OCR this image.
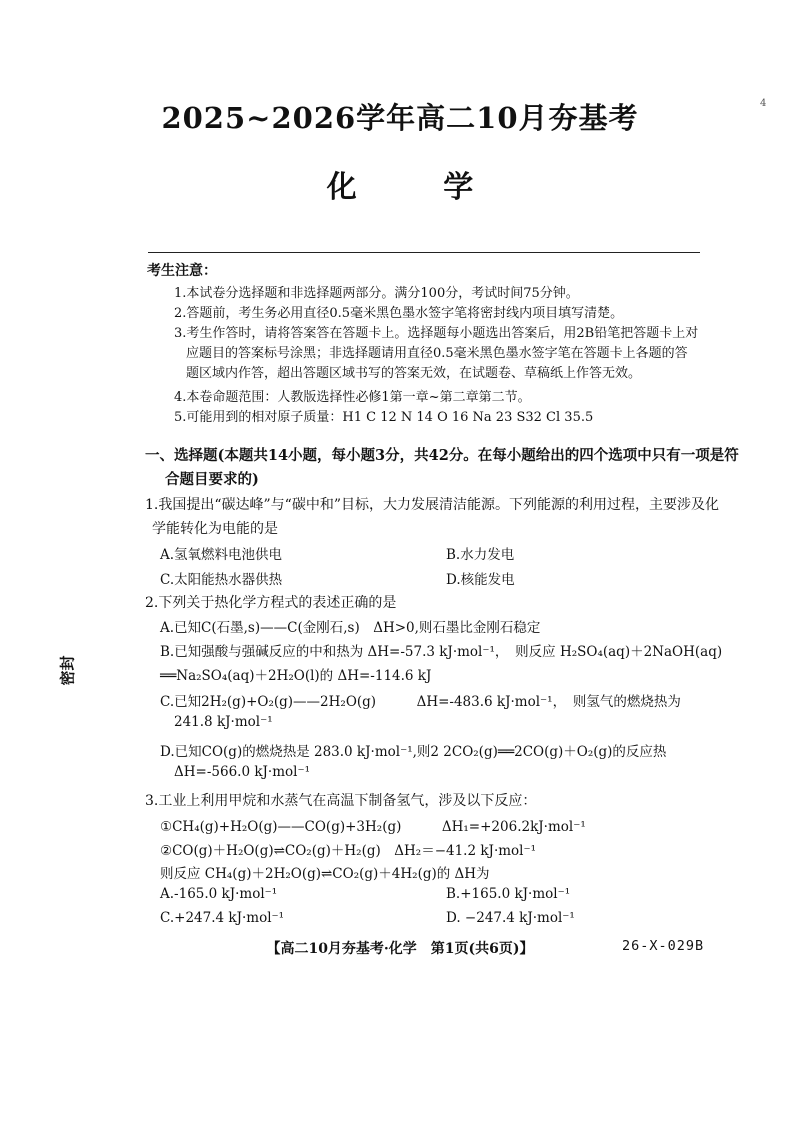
4
2025~2026学年高二10月夯基考
化 学
考生注意：
1.本试卷分选择题和非选择题两部分。满分100分，考试时间75分钟。
2.答题前，考生务必用直径0.5毫米黑色墨水签字笔将密封线内项目填写清楚。
3.考生作答时，请将答案答在答题卡上。选择题每小题选出答案后，用2B铅笔把答题卡上对
应题目的答案标号涂黑；非选择题请用直径0.5毫米黑色墨水签字笔在答题卡上各题的答
题区域内作答，超出答题区域书写的答案无效，在试题卷、草稿纸上作答无效。
4.本卷命题范围：人教版选择性必修1第一章~第二章第二节。
5.可能用到的相对原子质量：H1 C 12 N 14 O 16 Na 23 S32 Cl 35.5
一、选择题(本题共14小题，每小题3分，共42分。在每小题给出的四个选项中只有一项是符
合题目要求的)
1.我国提出“碳达峰”与“碳中和”目标，大力发展清洁能源。下列能源的利用过程，主要涉及化
学能转化为电能的是
A.氢氧燃料电池供电	B.水力发电
C.太阳能热水器供热	D.核能发电
2.下列关于热化学方程式的表述正确的是
A.已知C(石墨,s)——C(金刚石,s)　ΔH>0,则石墨比金刚石稳定
B.已知强酸与强碱反应的中和热为 ΔH=-57.3 kJ·mol⁻¹，　则反应 H₂SO₄(aq)＋2NaOH(aq)
══Na₂SO₄(aq)＋2H₂O(l)的 ΔH=-114.6 kJ
C.已知2H₂(g)+O₂(g)——2H₂O(g)　　　ΔH=-483.6 kJ·mol⁻¹，　则氢气的燃烧热为
241.8 kJ·mol⁻¹
D.已知CO(g)的燃烧热是 283.0 kJ·mol⁻¹,则2 2CO₂(g)══2CO(g)＋O₂(g)的反应热
ΔH=-566.0 kJ·mol⁻¹
3.工业上利用甲烷和水蒸气在高温下制备氢气，涉及以下反应：
①CH₄(g)+H₂O(g)——CO(g)+3H₂(g)　　　ΔH₁=+206.2kJ·mol⁻¹
②CO(g)＋H₂O(g)⇌CO₂(g)＋H₂(g)　ΔH₂＝−41.2 kJ·mol⁻¹
则反应 CH₄(g)＋2H₂O(g)⇌CO₂(g)＋4H₂(g)的 ΔH为
A.-165.0 kJ·mol⁻¹	B.+165.0 kJ·mol⁻¹
C.+247.4 kJ·mol⁻¹	D. −247.4 kJ·mol⁻¹
【高二10月夯基考·化学　第1页(共6页)】	26-X-029B
密封
